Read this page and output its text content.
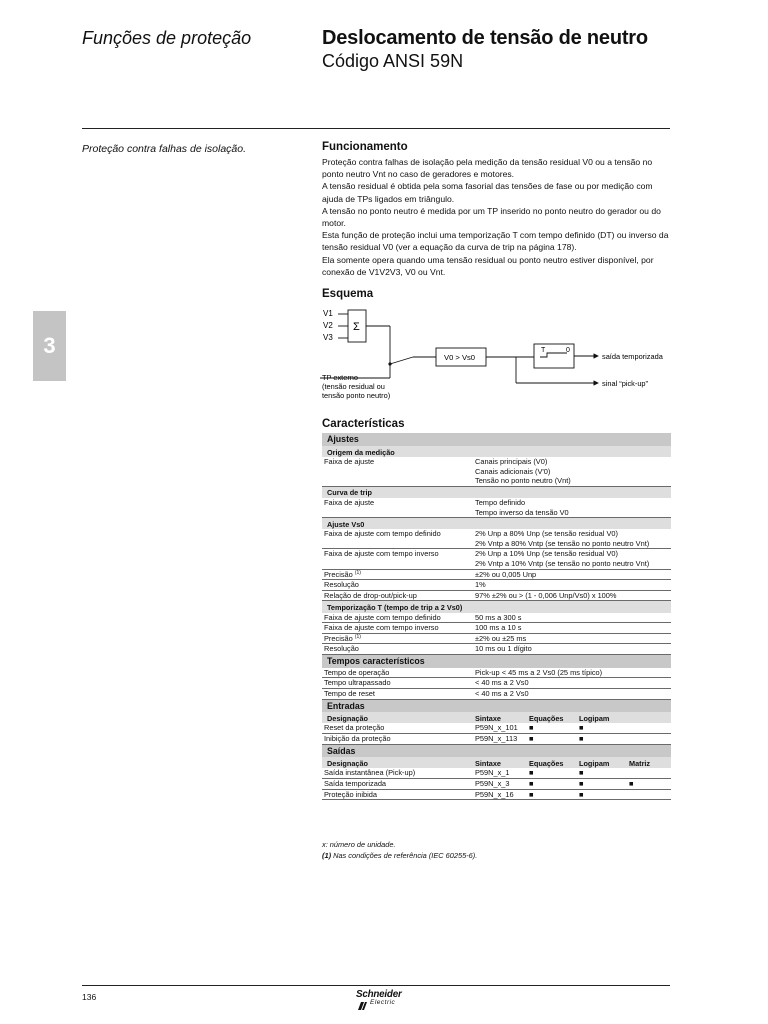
Funções de proteção	Deslocamento de tensão de neutro
Código ANSI 59N
Proteção contra falhas de isolação.
3
Funcionamento

Proteção contra falhas de isolação pela medição da tensão residual V0 ou a tensão no ponto neutro Vnt no caso de geradores e motores.

A tensão residual é obtida pela soma fasorial das tensões de fase ou por medição com ajuda de TPs ligados em triângulo.

A tensão no ponto neutro é medida por um TP inserido no ponto neutro do gerador ou do motor.

Esta função de proteção inclui uma temporização T com tempo definido (DT) ou inverso da tensão residual V0 (ver a equação da curva de trip na página 178).

Ela somente opera quando uma tensão residual ou ponto neutro estiver disponível, por conexão de V1V2V3, V0 ou Vnt.

Esquema
V1
V2
V3
Σ
V0 > Vs0
T	0
saída temporizada
sinal “pick-up”
TP externo
(tensão residual ou
tensão ponto neutro)
Características
Ajustes				
Origem da medição				
Faixa de ajuste	Canais principais (V0)
Canais adicionais (V'0)
Tensão no ponto neutro (Vnt)			

Curva de trip				
Faixa de ajuste	Tempo definido
Tempo inverso da tensão V0			

Ajuste Vs0				
Faixa de ajuste com tempo definido	2% Unp a 80% Unp (se tensão residual V0)
2% Vntp a 80% Vntp (se tensão no ponto neutro Vnt)			

Faixa de ajuste com tempo inverso	2% Unp a 10% Unp (se tensão residual V0)
2% Vntp a 10% Vntp (se tensão no ponto neutro Vnt)			

Precisão $^{(1)}$	±2% ou 0,005 Unp			
Resolução	1%			
Relação de drop-out/pick-up	97% ±2% ou > (1 - 0,006 Unp/Vs0) x 100%			
Temporização T (tempo de trip a 2 Vs0)				
Faixa de ajuste com tempo definido	50 ms a 300 s			
Faixa de ajuste com tempo inverso	100 ms a 10 s			
Precisão $^{(1)}$	±2% ou ±25 ms			
Resolução	10 ms ou 1 dígito			
Tempos característicos				
Tempo de operação	Pick-up < 45 ms a 2 Vs0 (25 ms típico)			
Tempo ultrapassado	< 40 ms a 2 Vs0			
Tempo de reset	< 40 ms a 2 Vs0			
Entradas				
Designação	Sintaxe	Equações	Logipam	
Reset da proteção	P59N_x_101	■	■	
Inibição da proteção	P59N_x_113	■	■	
Saídas				
Designação	Sintaxe	Equações	Logipam	Matriz
Saída instantânea (Pick-up)	P59N_x_1	■	■	
Saída temporizada	P59N_x_3	■	■	■
Proteção inibida	P59N_x_16	■	■	
x: número de unidade.
(1) Nas condições de referência (IEC 60255-6).
136	Schneider
Electric
